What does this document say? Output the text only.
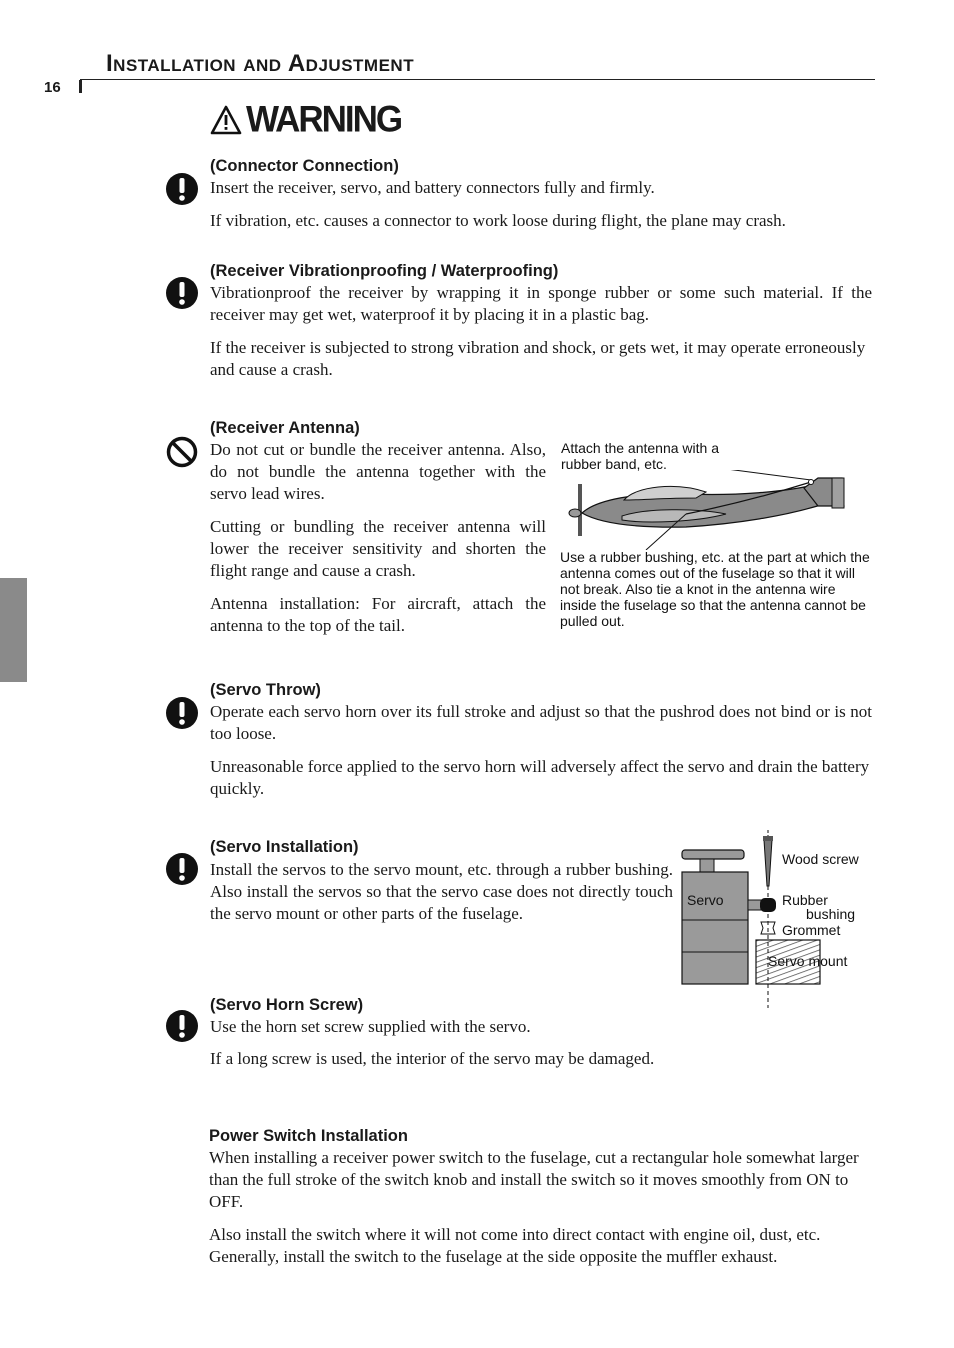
Installation and Adjustment
16
WARNING
(Connector Connection)
Insert the receiver, servo, and battery connectors fully and firmly.
If vibration, etc. causes a connector to work loose during flight, the plane may crash.
(Receiver Vibrationproofing / Waterproofing)
Vibrationproof the receiver by wrapping it in sponge rubber or some such material. If the receiver may get wet, waterproof it by placing it in a plastic bag.
If the receiver is subjected to strong vibration and shock, or gets wet, it may operate erroneously and cause a crash.
(Receiver Antenna)
Do not cut or bundle the receiver antenna. Also, do not bundle the antenna together with the servo lead wires.
Cutting or bundling the receiver antenna will lower the receiver sensitivity and shorten the flight range and cause a crash.
Antenna installation: For aircraft, attach the antenna to the top of the tail.
Attach the antenna with a rubber band, etc.
Use a rubber bushing, etc. at the part at which the antenna comes out of the fuselage so that it will not break. Also tie a knot in the antenna wire inside the fuselage so that the antenna cannot be pulled out.
(Servo Throw)
Operate each servo horn over its full stroke and adjust so that the pushrod does not bind or is not too loose.
Unreasonable force applied to the servo horn will adversely affect the servo and drain the battery quickly.
(Servo Installation)
Install the servos to the servo mount, etc. through a rubber bushing. Also install the servos so that the servo case does not directly touch the servo mount or other parts of the fuselage.
Servo
Wood screw
Rubber
bushing
Grommet
Servo mount
(Servo Horn Screw)
Use the horn set screw supplied with the servo.
If a long screw is used, the interior of the servo may be damaged.
Power Switch Installation
When installing a receiver power switch to the fuselage, cut a rectangular hole somewhat larger than the full stroke of the switch knob and install the switch so it moves smoothly from ON to OFF.
Also install the switch where it will not come into direct contact with engine oil, dust, etc. Generally, install the switch to the fuselage at the side opposite the muffler exhaust.
